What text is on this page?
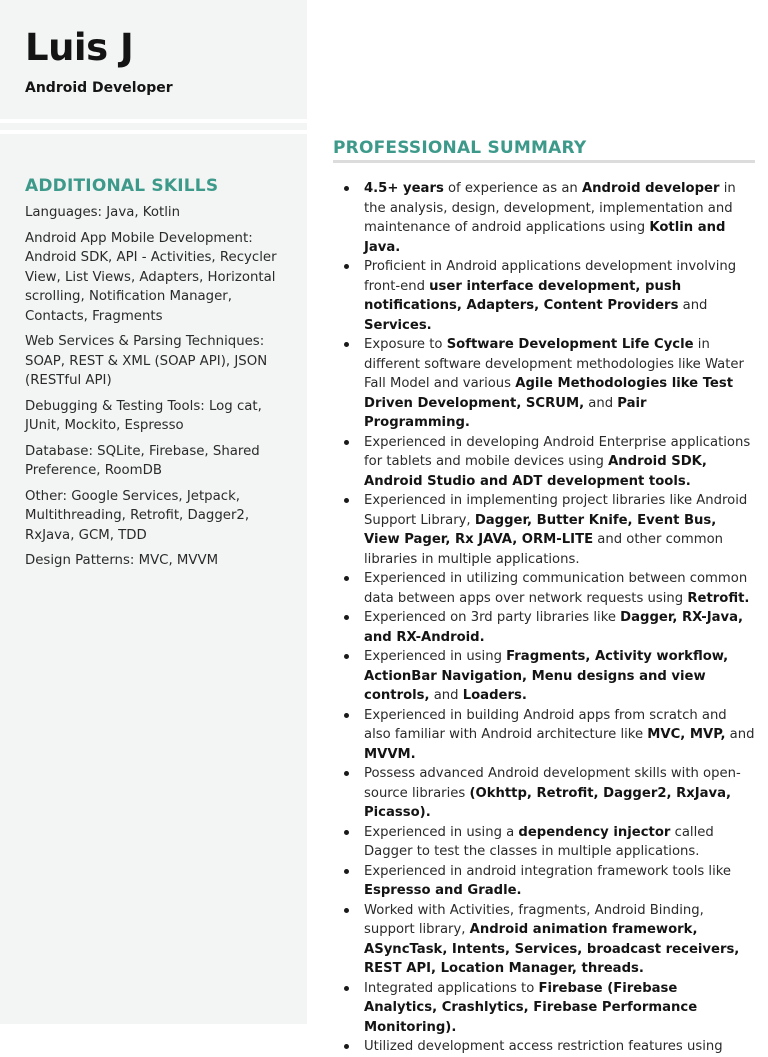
Luis J

Android Developer

ADDITIONAL SKILLS
Languages: Java, Kotlin
Android App Mobile Development: Android SDK, API - Activities, Recycler View, List Views, Adapters, Horizontal scrolling, Notification Manager, Contacts, Fragments
Web Services & Parsing Techniques: SOAP, REST & XML (SOAP API), JSON (RESTful API)
Debugging & Testing Tools: Log cat, JUnit, Mockito, Espresso
Database: SQLite, Firebase, Shared Preference, RoomDB
Other: Google Services, Jetpack, Multithreading, Retrofit, Dagger2, RxJava, GCM, TDD
Design Patterns: MVC, MVVM
PROFESSIONAL SUMMARY
4.5+ years of experience as an Android developer in the analysis, design, development, implementation and maintenance of android applications using Kotlin and Java.
Proficient in Android applications development involving front-end user interface development, push notifications, Adapters, Content Providers and Services.
Exposure to Software Development Life Cycle in different software development methodologies like Water Fall Model and various Agile Methodologies like Test Driven Development, SCRUM, and Pair Programming.
Experienced in developing Android Enterprise applications for tablets and mobile devices using Android SDK, Android Studio and ADT development tools.
Experienced in implementing project libraries like Android Support Library, Dagger, Butter Knife, Event Bus, View Pager, Rx JAVA, ORM-LITE and other common libraries in multiple applications.
Experienced in utilizing communication between common data between apps over network requests using Retrofit.
Experienced on 3rd party libraries like Dagger, RX-Java, and RX-Android.
Experienced in using Fragments, Activity workflow, ActionBar Navigation, Menu designs and view controls, and Loaders.
Experienced in building Android apps from scratch and also familiar with Android architecture like MVC, MVP, and MVVM.
Possess advanced Android development skills with open-source libraries (Okhttp, Retrofit, Dagger2, RxJava, Picasso).
Experienced in using a dependency injector called Dagger to test the classes in multiple applications.
Experienced in android integration framework tools like Espresso and Gradle.
Worked with Activities, fragments, Android Binding, support library, Android animation framework, ASyncTask, Intents, Services, broadcast receivers, REST API, Location Manager, threads.
Integrated applications to Firebase (Firebase Analytics, Crashlytics, Firebase Performance Monitoring).
Utilized development access restriction features using
